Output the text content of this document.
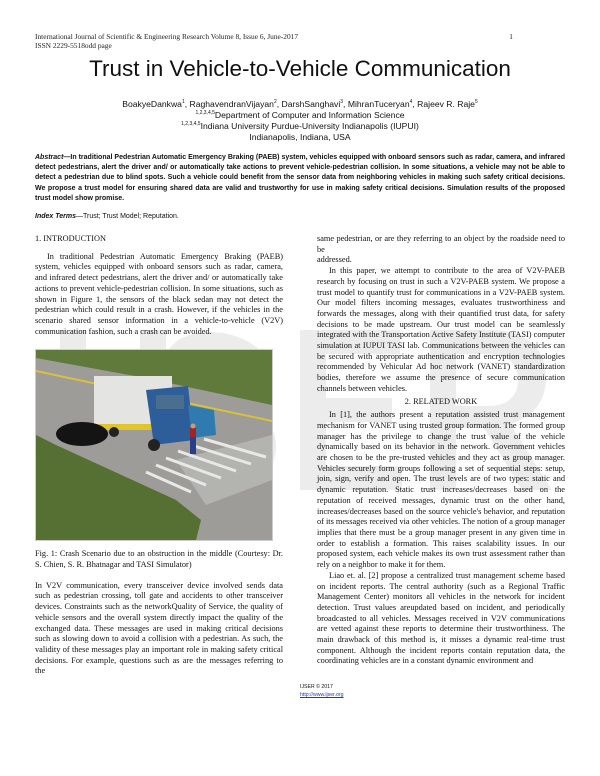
International Journal of Scientific & Engineering Research Volume 8, Issue 6, June-2017
ISSN 2229-5518odd page
1
Trust in Vehicle-to-Vehicle Communication
BoakyeDankwa$^1$, RaghavendranVijayan$^2$, DarshSanghavi$^3$, MihranTuceryan$^4$, Rajeev R. Raje$^5$
$^{1,2,3,4,5}$Department of Computer and Information Science
$^{1,2,3,4,5}$Indiana University Purdue-University Indianapolis (IUPUI)
Indianapolis, Indiana, USA
Abstract—In traditional Pedestrian Automatic Emergency Braking (PAEB) system, vehicles equipped with onboard sensors such as radar, camera, and infrared detect pedestrians, alert the driver and/ or automatically take actions to prevent vehicle-pedestrian collision. In some situations, a vehicle may not be able to detect a pedestrian due to blind spots. Such a vehicle could benefit from the sensor data from neighboring vehicles in making such safety critical decisions. We propose a trust model for ensuring shared data are valid and trustworthy for use in making safety critical decisions. Simulation results of the proposed trust model show promise.
Index Terms—Trust; Trust Model; Reputation.

1. INTRODUCTION

In traditional Pedestrian Automatic Emergency Braking (PAEB) system, vehicles equipped with onboard sensors such as radar, camera, and infrared detect pedestrians, alert the driver and/ or automatically take actions to prevent vehicle-pedestrian collision. In some situations, such as shown in Figure 1, the sensors of the black sedan may not detect the pedestrian which could result in a crash. However, if the vehicles in the scenario shared sensor information in a vehicle-to-vehicle (V2V) communication fashion, such a crash can be avoided.

Fig. 1: Crash Scenario due to an obstruction in the middle (Courtesy: Dr. S. Chien, S. R. Bhatnagar and TASI Simulator)

In V2V communication, every transceiver device involved sends data such as pedestrian crossing, toll gate and accidents to other transceiver devices. Constraints such as the networkQuality of Service, the quality of vehicle sensors and the overall system directly impact the quality of the exchanged data. These messages are used in making critical decisions such as slowing down to avoid a collision with a pedestrian. As such, the validity of these messages play an important role in making safety critical decisions. For example, questions such as are the messages referring to the

same pedestrian, or are they referring to an object by the roadside need to be

addressed.

In this paper, we attempt to contribute to the area of V2V-PAEB research by focusing on trust in such a V2V-PAEB system. We propose a trust model to quantify trust for communications in a V2V-PAEB system. Our model filters incoming messages, evaluates trustworthiness and forwards the messages, along with their quantified trust data, for safety decisions to be made upstream. Our trust model can be seamlessly integrated with the Transportation Active Safety Institute (TASI) computer simulation at IUPUI TASI lab. Communications between the vehicles can be secured with appropriate authentication and encryption technologies recommended by Vehicular Ad hoc network (VANET) standardization bodies, therefore we assume the presence of secure communication channels between vehicles.

2. RELATED WORK

In [1], the authors present a reputation assisted trust management mechanism for VANET using trusted group formation. The formed group manager has the privilege to change the trust value of the vehicle dynamically based on its behavior in the network. Government vehicles are chosen to be the pre-trusted vehicles and they act as group manager. Vehicles securely form groups following a set of sequential steps: setup, join, sign, verify and open. The trust levels are of two types: static and dynamic reputation. Static trust increases/decreases based on the reputation of received messages, dynamic trust on the other hand, increases/decreases based on the source vehicle's behavior, and reputation of its messages received via other vehicles. The notion of a group manager implies that there must be a group manager present in any given time in order to establish a formation. This raises scalability issues. In our proposed system, each vehicle makes its own trust assessment rather than rely on a neighbor to make it for them.

Liao et. al. [2] propose a centralized trust management scheme based on incident reports. The central authority (such as a Regional Traffic Management Center) monitors all vehicles in the network for incident detection. Trust values areupdated based on incident, and periodically broadcasted to all vehicles. Messages received in V2V communications are vetted against these reports to determine their trustworthiness. The main drawback of this method is, it misses a dynamic real-time trust component. Although the incident reports contain reputation data, the coordinating vehicles are in a constant dynamic environment and

IJSER © 2017
http://www.ijser.org
